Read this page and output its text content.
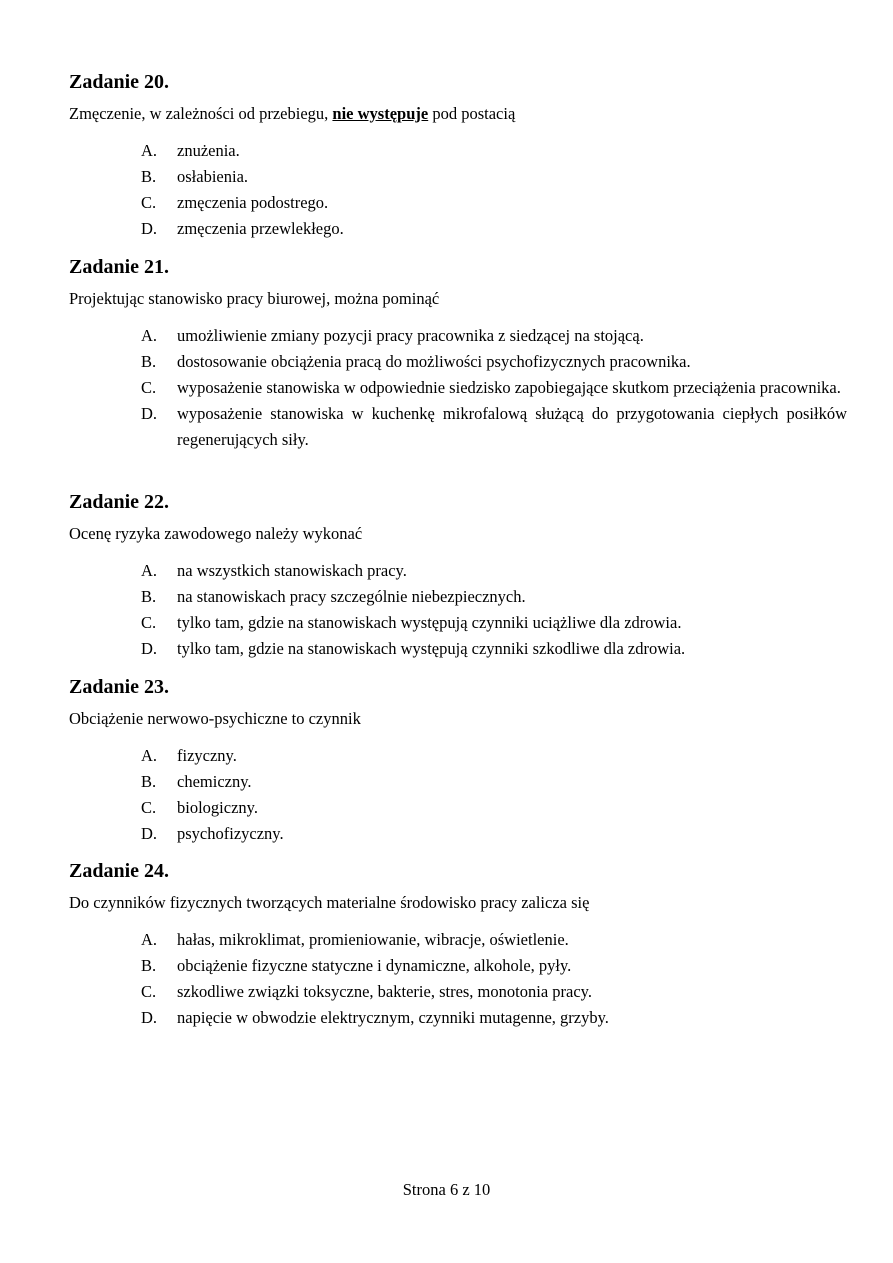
Zadanie 20.
Zmęczenie, w zależności od przebiegu, nie występuje pod postacią
A. znużenia.
B. osłabienia.
C. zmęczenia podostrego.
D. zmęczenia przewlekłego.
Zadanie 21.
Projektując stanowisko pracy biurowej, można pominąć
A. umożliwienie zmiany pozycji pracy pracownika z siedzącej na stojącą.
B. dostosowanie obciążenia pracą do możliwości psychofizycznych pracownika.
C. wyposażenie stanowiska w odpowiednie siedzisko zapobiegające skutkom przeciążenia pracownika.
D. wyposażenie stanowiska w kuchenkę mikrofalową służącą do przygotowania ciepłych posiłków regenerujących siły.
Zadanie 22.
Ocenę ryzyka zawodowego należy wykonać
A. na wszystkich stanowiskach pracy.
B. na stanowiskach pracy szczególnie niebezpiecznych.
C. tylko tam, gdzie na stanowiskach występują czynniki uciążliwe dla zdrowia.
D. tylko tam, gdzie na stanowiskach występują czynniki szkodliwe dla zdrowia.
Zadanie 23.
Obciążenie nerwowo-psychiczne to czynnik
A. fizyczny.
B. chemiczny.
C. biologiczny.
D. psychofizyczny.
Zadanie 24.
Do czynników fizycznych tworzących materialne środowisko pracy zalicza się
A. hałas, mikroklimat, promieniowanie, wibracje, oświetlenie.
B. obciążenie fizyczne statyczne i dynamiczne, alkohole, pyły.
C. szkodliwe związki toksyczne, bakterie, stres, monotonia pracy.
D. napięcie w obwodzie elektrycznym, czynniki mutagenne, grzyby.
Strona 6 z 10
